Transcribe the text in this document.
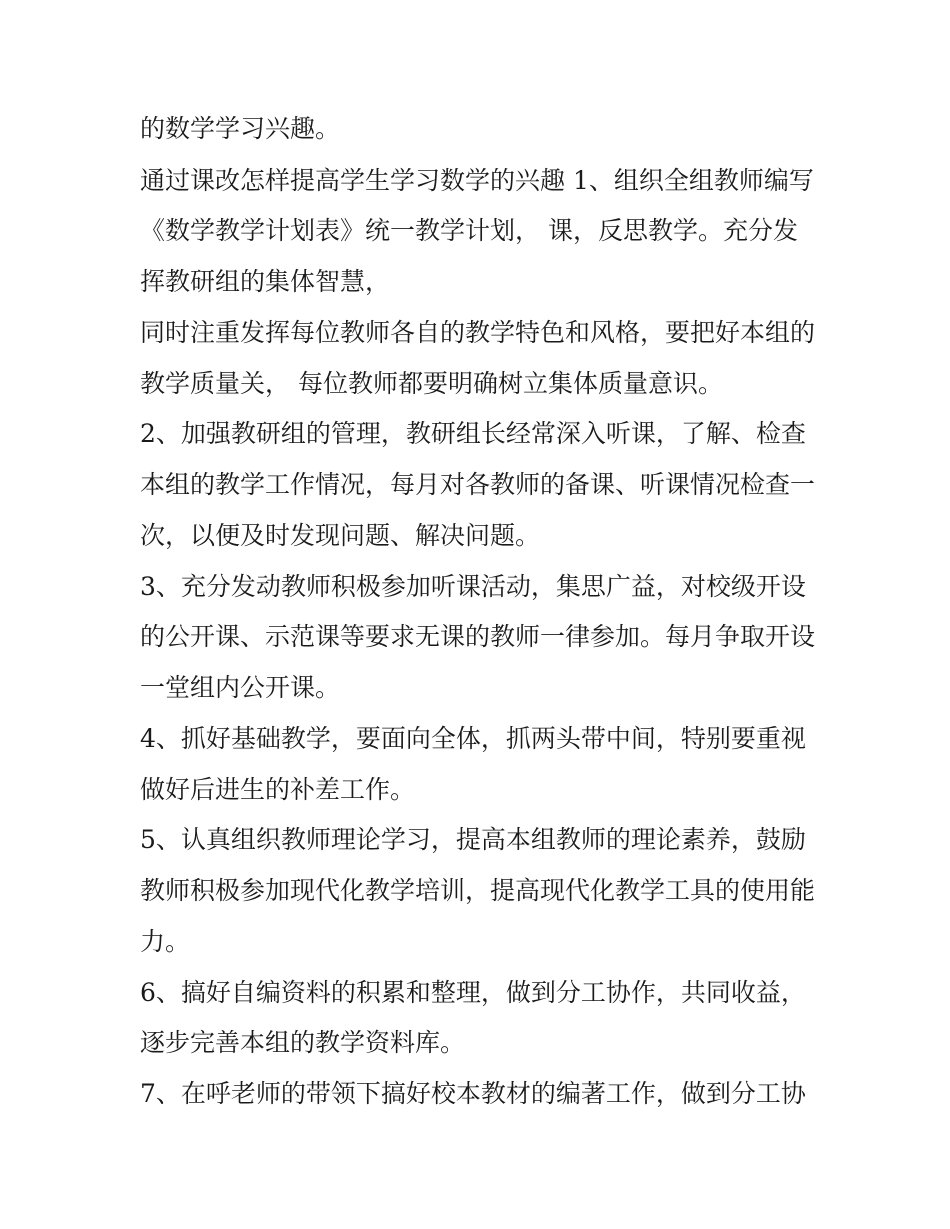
的数学学习兴趣。

通过课改怎样提高学生学习数学的兴趣 1、组织全组教师编写

《数学教学计划表》统一教学计划， 课，反思教学。充分发

挥教研组的集体智慧，

同时注重发挥每位教师各自的教学特色和风格，要把好本组的

教学质量关， 每位教师都要明确树立集体质量意识。

2、加强教研组的管理，教研组长经常深入听课，了解、检查

本组的教学工作情况，每月对各教师的备课、听课情况检查一

次，以便及时发现问题、解决问题。

3、充分发动教师积极参加听课活动，集思广益，对校级开设

的公开课、示范课等要求无课的教师一律参加。每月争取开设

一堂组内公开课。

4、抓好基础教学，要面向全体，抓两头带中间，特别要重视

做好后进生的补差工作。

5、认真组织教师理论学习，提高本组教师的理论素养，鼓励

教师积极参加现代化教学培训，提高现代化教学工具的使用能

力。

6、搞好自编资料的积累和整理，做到分工协作，共同收益，

逐步完善本组的教学资料库。

7、在呼老师的带领下搞好校本教材的编著工作，做到分工协
